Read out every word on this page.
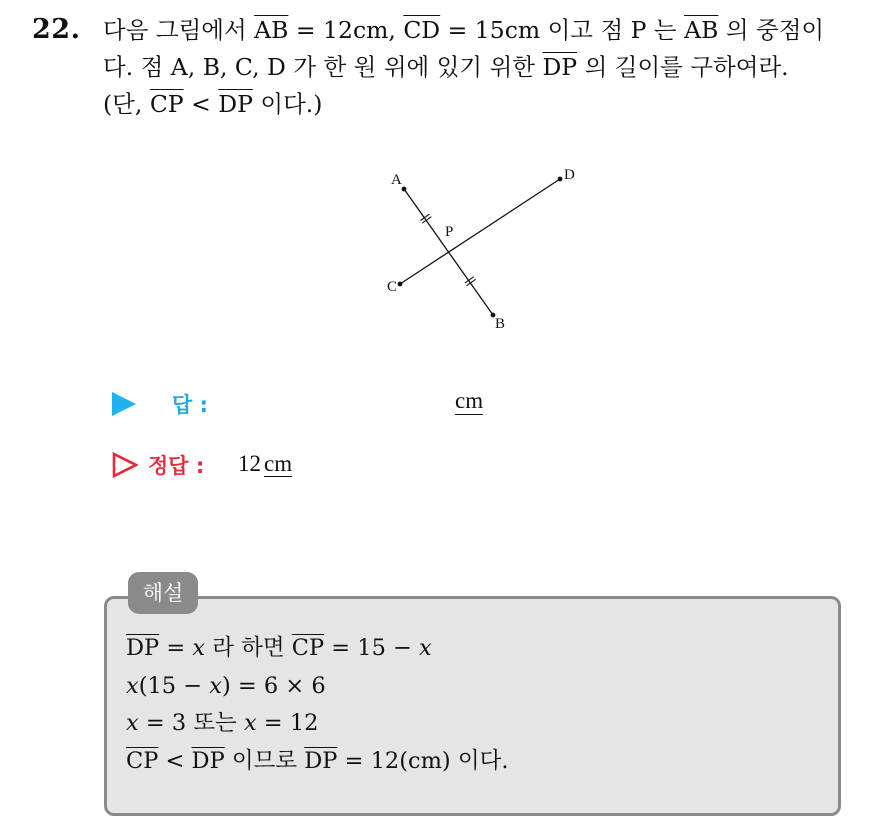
22. 다음 그림에서 $\overline{AB} = 12cm$, $\overline{CD} = 15cm$ 이고 점 P 는 $\overline{AB}$ 의 중점이
다. 점 A, B, C, D 가 한 원 위에 있기 위한 $\overline{DP}$ 의 길이를 구하여라.
(단, $\overline{CP} < \overline{DP}$ 이다.)
A
B
C
D
P
답 :	cm
정답 : 12 cm
해설
$\overline{DP} = x$ 라 하면 $\overline{CP} = 15 - x$
x(15 − x) = 6 × 6
x = 3 또는 x = 12
$\overline{CP} < \overline{DP}$ 이므로 $\overline{DP} = 12(cm)$ 이다.
